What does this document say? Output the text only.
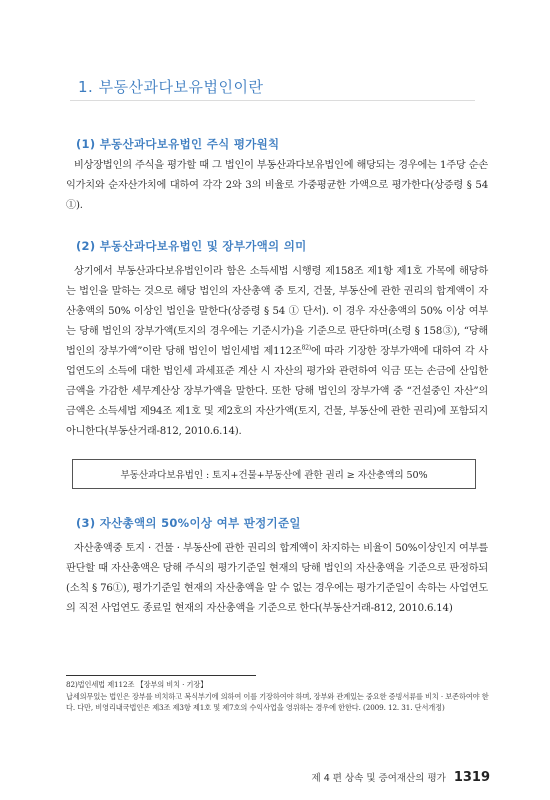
1. 부동산과다보유법인이란
(1) 부동산과다보유법인 주식 평가원칙

비상장법인의 주식을 평가할 때 그 법인이 부동산과다보유법인에 해당되는 경우에는 1주당 순손익가치와 순자산가치에 대하여 각각 2와 3의 비율로 가중평균한 가액으로 평가한다(상증령 § 54 ①).

(2) 부동산과다보유법인 및 장부가액의 의미

상기에서 부동산과다보유법인이라 함은 소득세법 시행령 제158조 제1항 제1호 가목에 해당하는 법인을 말하는 것으로 해당 법인의 자산총액 중 토지, 건물, 부동산에 관한 권리의 합계액이 자산총액의 50% 이상인 법인을 말한다(상증령 § 54 ① 단서). 이 경우 자산총액의 50% 이상 여부는 당해 법인의 장부가액(토지의 경우에는 기준시가)을 기준으로 판단하며(소령 § 158③), “당해 법인의 장부가액”이란 당해 법인이 법인세법 제112조$^{82)}$에 따라 기장한 장부가액에 대하여 각 사업연도의 소득에 대한 법인세 과세표준 계산 시 자산의 평가와 관련하여 익금 또는 손금에 산입한 금액을 가감한 세무계산상 장부가액을 말한다. 또한 당해 법인의 장부가액 중 “건설중인 자산”의 금액은 소득세법 제94조 제1호 및 제2호의 자산가액(토지, 건물, 부동산에 관한 권리)에 포함되지 아니한다(부동산거래-812, 2010.6.14).

부동산과다보유법인 : 토지+건물+부동산에 관한 권리 ≥ 자산총액의 50%
(3) 자산총액의 50%이상 여부 판정기준일

자산총액중 토지 · 건물 · 부동산에 관한 권리의 합계액이 차지하는 비율이 50%이상인지 여부를 판단할 때 자산총액은 당해 주식의 평가기준일 현재의 당해 법인의 자산총액을 기준으로 판정하되(소칙 § 76①), 평가기준일 현재의 자산총액을 알 수 없는 경우에는 평가기준일이 속하는 사업연도의 직전 사업연도 종료일 현재의 자산총액을 기준으로 한다(부동산거래-812, 2010.6.14)

82)법인세법 제112조 【장부의 비치 · 기장】
납세의무있는 법인은 장부를 비치하고 복식부기에 의하여 이를 기장하여야 하며, 장부와 관계있는 중요한 증빙서류를 비치 · 보존하여야 한다. 다만, 비영리내국법인은 제3조 제3항 제1호 및 제7호의 수익사업을 영위하는 경우에 한한다. (2009. 12. 31. 단서개정)
제 4 편 상속 및 증여재산의 평가 1319
